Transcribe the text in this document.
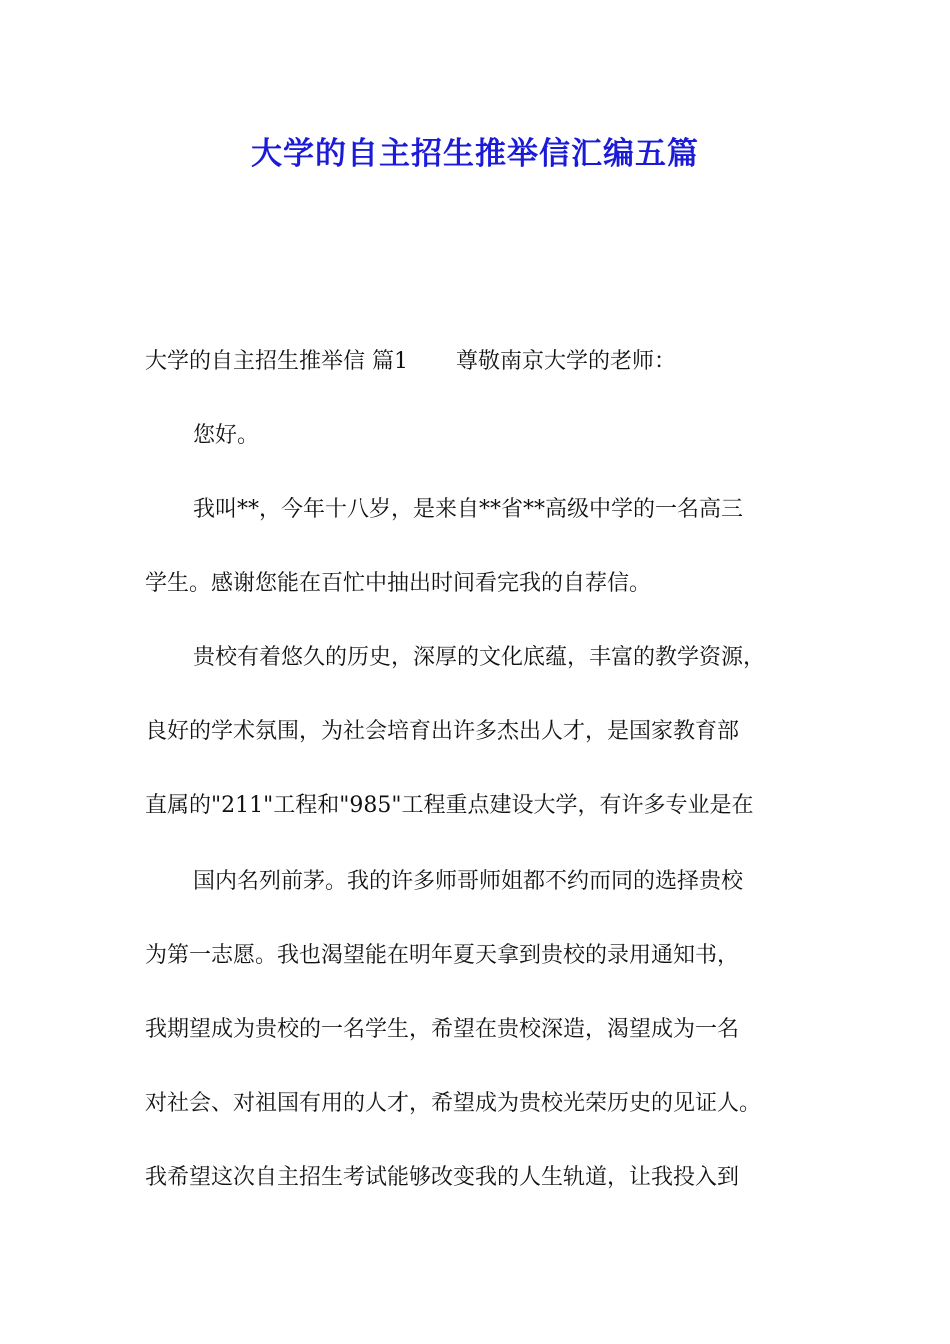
大学的自主招生推举信汇编五篇
大学的自主招生推举信 篇1 尊敬南京大学的老师：
您好。
我叫**，今年十八岁，是来自**省**高级中学的一名高三
学生。感谢您能在百忙中抽出时间看完我的自荐信。
贵校有着悠久的历史，深厚的文化底蕴，丰富的教学资源，
良好的学术氛围，为社会培育出许多杰出人才，是国家教育部
直属的"211"工程和"985"工程重点建设大学，有许多专业是在
国内名列前茅。我的许多师哥师姐都不约而同的选择贵校
为第一志愿。我也渴望能在明年夏天拿到贵校的录用通知书，
我期望成为贵校的一名学生，希望在贵校深造，渴望成为一名
对社会、对祖国有用的人才，希望成为贵校光荣历史的见证人。
我希望这次自主招生考试能够改变我的人生轨道，让我投入到
